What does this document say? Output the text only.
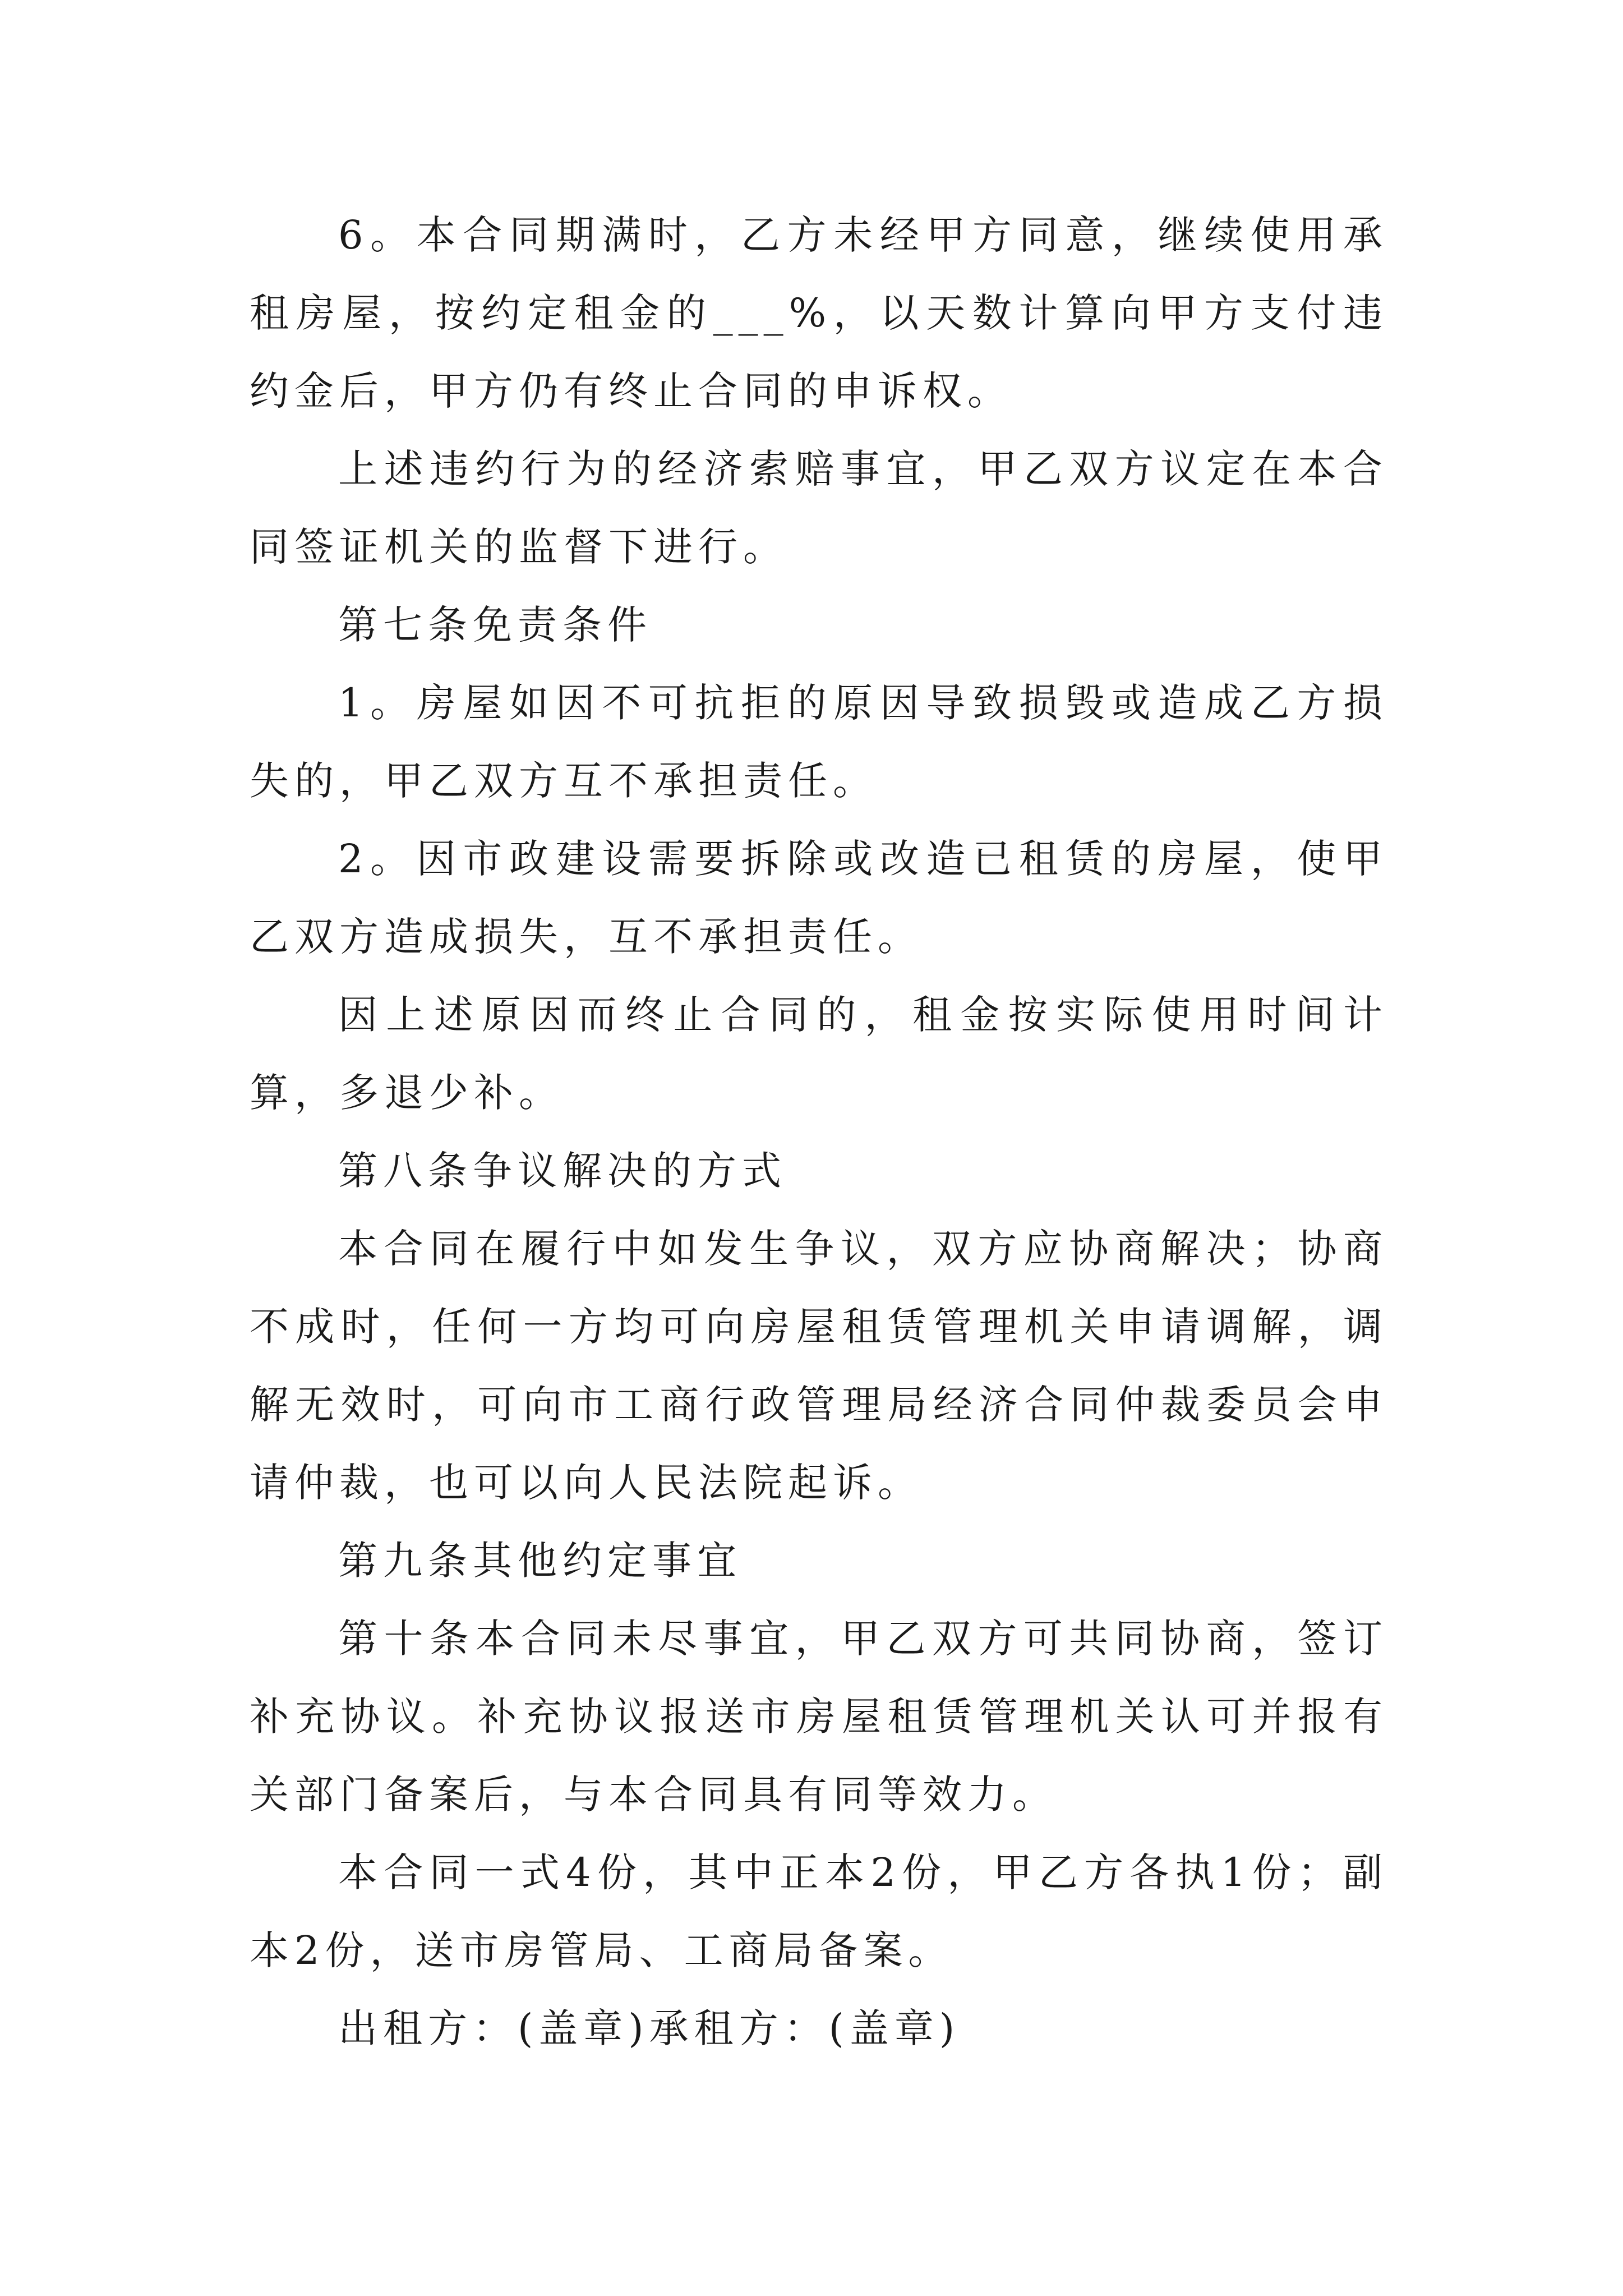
6。本合同期满时，乙方未经甲方同意，继续使用承租房屋，按约定租金的___%，以天数计算向甲方支付违约金后，甲方仍有终止合同的申诉权。

上述违约行为的经济索赔事宜，甲乙双方议定在本合同签证机关的监督下进行。

第七条免责条件

1。房屋如因不可抗拒的原因导致损毁或造成乙方损失的，甲乙双方互不承担责任。

2。因市政建设需要拆除或改造已租赁的房屋，使甲乙双方造成损失，互不承担责任。

因上述原因而终止合同的，租金按实际使用时间计算，多退少补。

第八条争议解决的方式

本合同在履行中如发生争议，双方应协商解决；协商不成时，任何一方均可向房屋租赁管理机关申请调解，调解无效时，可向市工商行政管理局经济合同仲裁委员会申请仲裁，也可以向人民法院起诉。

第九条其他约定事宜

第十条本合同未尽事宜，甲乙双方可共同协商，签订补充协议。补充协议报送市房屋租赁管理机关认可并报有关部门备案后，与本合同具有同等效力。

本合同一式4份，其中正本2份，甲乙方各执1份；副本2份，送市房管局、工商局备案。

出租方：(盖章)承租方：(盖章)
